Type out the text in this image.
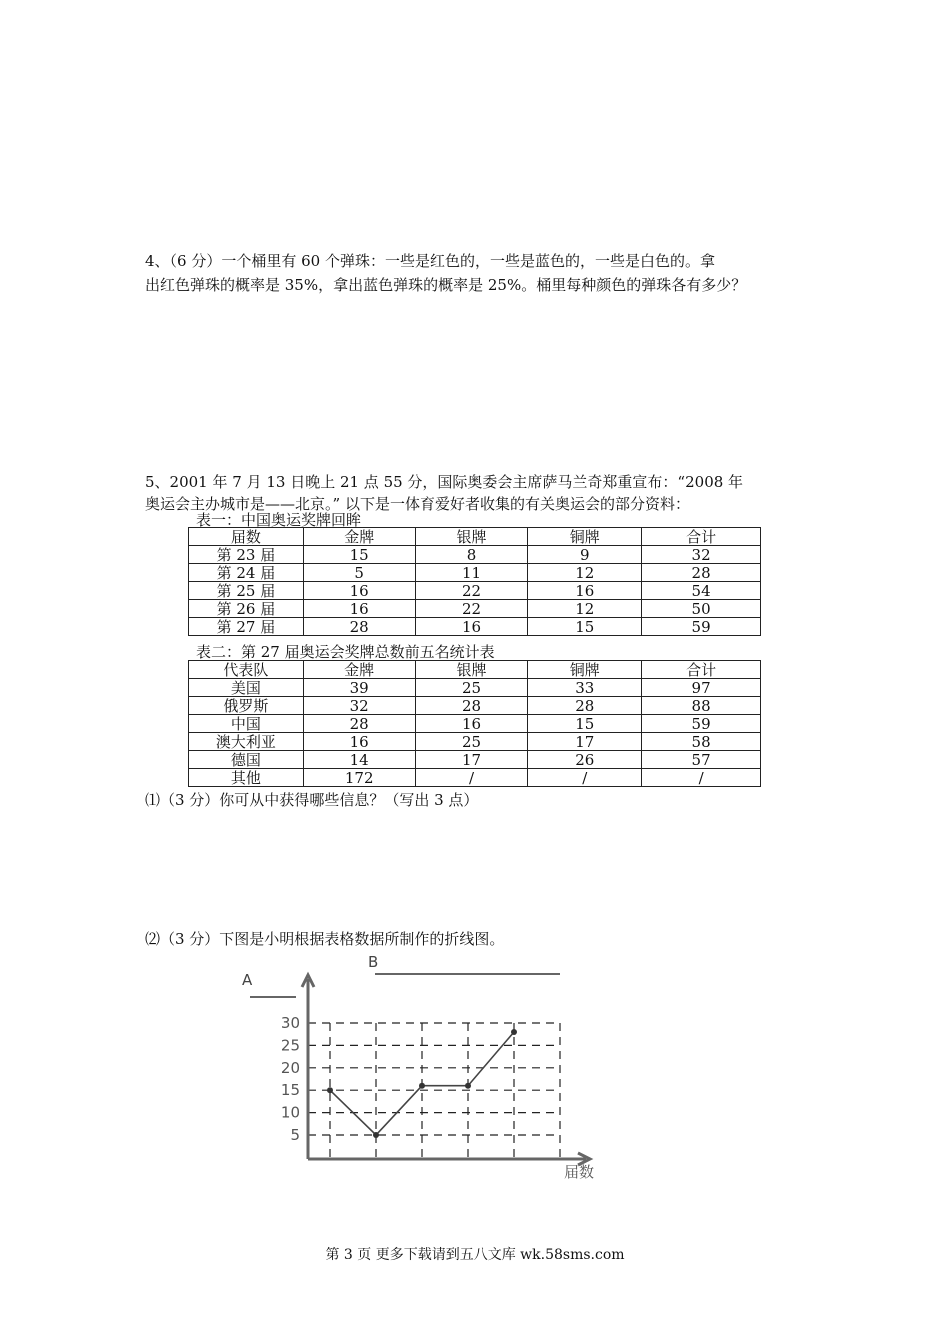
4、（6 分）一个桶里有 60 个弹珠：一些是红色的，一些是蓝色的，一些是白色的。拿
出红色弹珠的概率是 35%，拿出蓝色弹珠的概率是 25%。桶里每种颜色的弹珠各有多少？
5、2001 年 7 月 13 日晚上 21 点 55 分，国际奥委会主席萨马兰奇郑重宣布：“2008 年
奥运会主办城市是——北京。” 以下是一体育爱好者收集的有关奥运会的部分资料：
表一：中国奥运奖牌回眸
届数	金牌	银牌	铜牌	合计
第 23 届	15	8	9	32
第 24 届	5	11	12	28
第 25 届	16	22	16	54
第 26 届	16	22	12	50
第 27 届	28	16	15	59
表二：第 27 届奥运会奖牌总数前五名统计表
代表队	金牌	银牌	铜牌	合计
美国	39	25	33	97
俄罗斯	32	28	28	88
中国	28	16	15	59
澳大利亚	16	25	17	58
德国	14	17	26	57
其他	172	/	/	/
⑴（3 分）你可从中获得哪些信息？（写出 3 点）
⑵（3 分）下图是小明根据表格数据所制作的折线图。
5
10
15
20
25
30
A
B
届数
第 3 页 更多下载请到五八文库 wk.58sms.com
